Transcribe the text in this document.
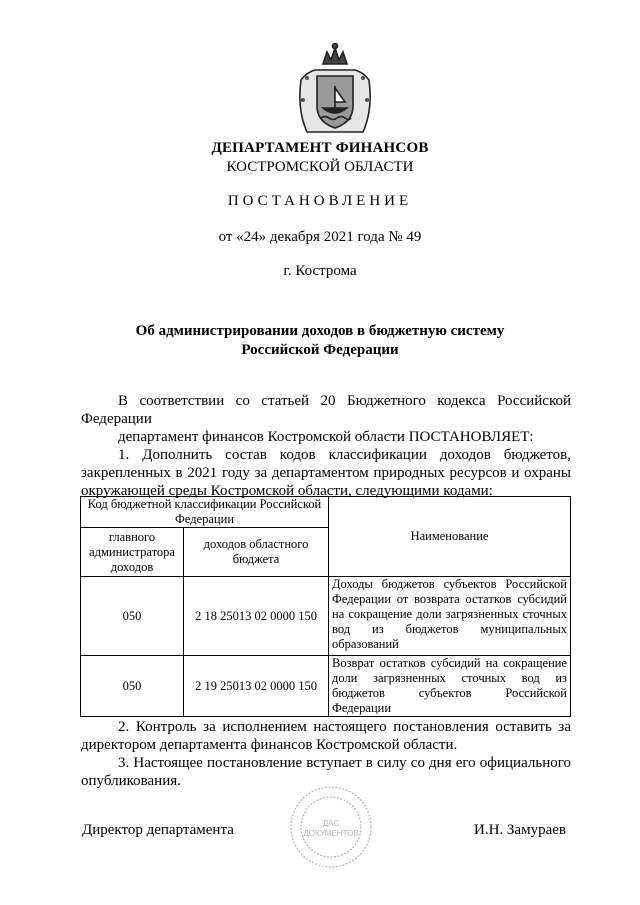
ДЕПАРТАМЕНТ ФИНАНСОВ
КОСТРОМСКОЙ ОБЛАСТИ
ПОСТАНОВЛЕНИЕ
от «24» декабря 2021 года № 49
г. Кострома
Об администрировании доходов в бюджетную систему
Российской Федерации
В соответствии со статьей 20 Бюджетного кодекса Российской Федерации
департамент финансов Костромской области ПОСТАНОВЛЯЕТ:
1. Дополнить состав кодов классификации доходов бюджетов, закрепленных в 2021 году за департаментом природных ресурсов и охраны окружающей среды Костромской области, следующими кодами:
Код бюджетной классификации Российской Федерации		Наименование
главного администратора доходов	доходов областного бюджета	
050	2 18 25013 02 0000 150	Доходы бюджетов субъектов Российской Федерации от возврата остатков субсидий на сокращение доли загрязненных сточных вод из бюджетов муниципальных образований
050	2 19 25013 02 0000 150	Возврат остатков субсидий на сокращение доли загрязненных сточных вод из бюджетов субъектов Российской Федерации
2. Контроль за исполнением настоящего постановления оставить за директором департамента финансов Костромской области.
3. Настоящее постановление вступает в силу со дня его официального опубликования.
ДАС
ДОКУМЕНТОВ
Директор департамента	И.Н. Замураев
